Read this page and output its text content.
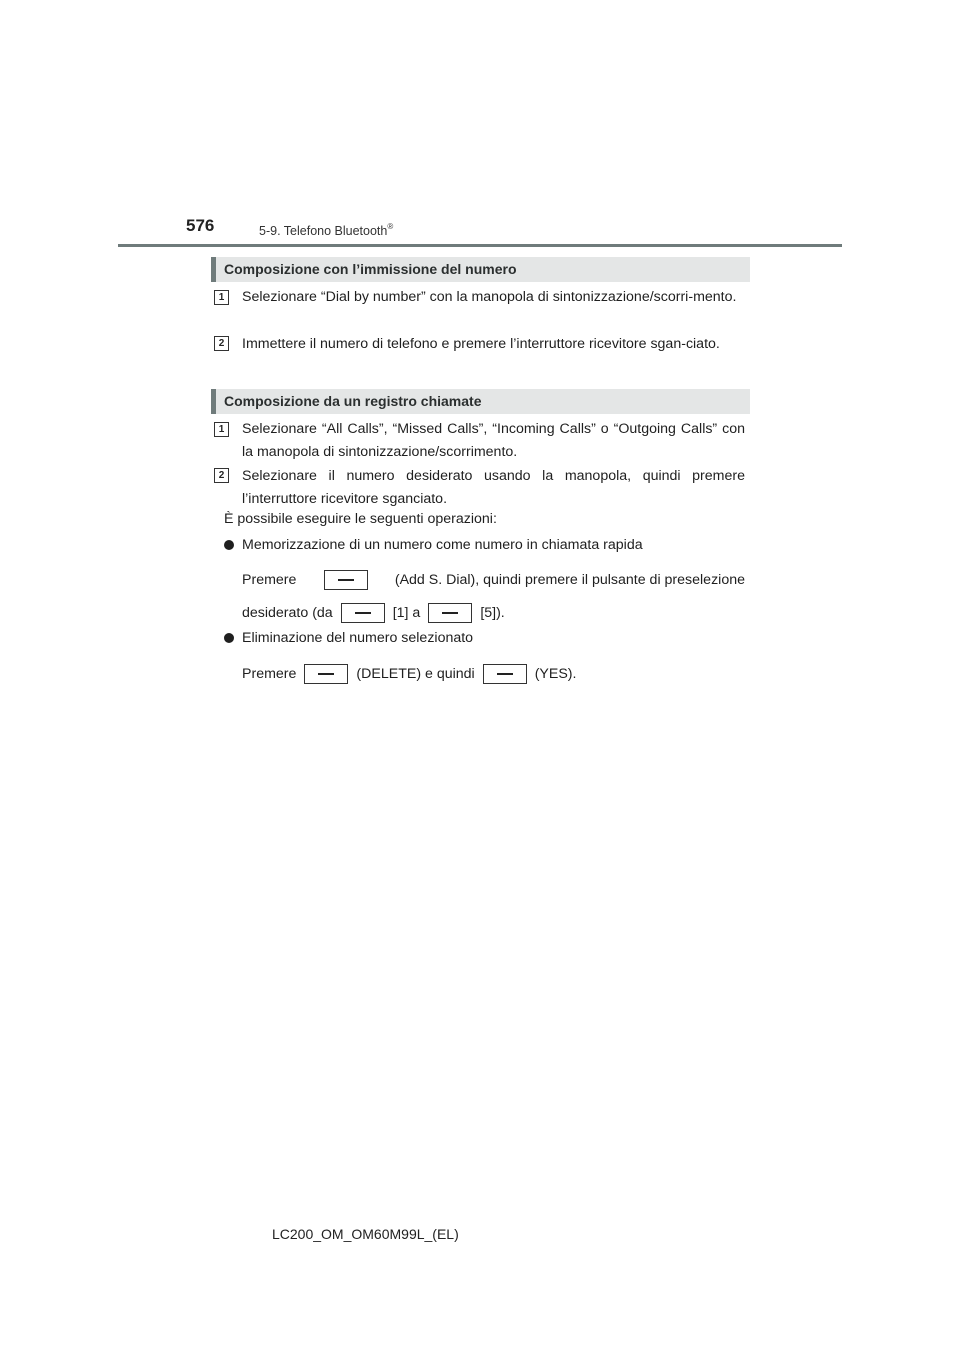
576	5-9. Telefono Bluetooth®
Composizione con l’immissione del numero
1	Selezionare “Dial by number” con la manopola di sintonizzazione/scorri-mento.
2	Immettere il numero di telefono e premere l’interruttore ricevitore sgan-ciato.
Composizione da un registro chiamate
1	Selezionare “All Calls”, “Missed Calls”, “Incoming Calls” o “Outgoing Calls” con la manopola di sintonizzazione/scorrimento.
2	Selezionare il numero desiderato usando la manopola, quindi premere l’interruttore ricevitore sganciato.
È possibile eseguire le seguenti operazioni:
Memorizzazione di un numero come numero in chiamata rapida
Premere	(Add S. Dial), quindi premere il pulsante di preselezione
desiderato (da	[1] a	[5]).
Eliminazione del numero selezionato
Premere	(DELETE) e quindi	(YES).
LC200_OM_OM60M99L_(EL)
